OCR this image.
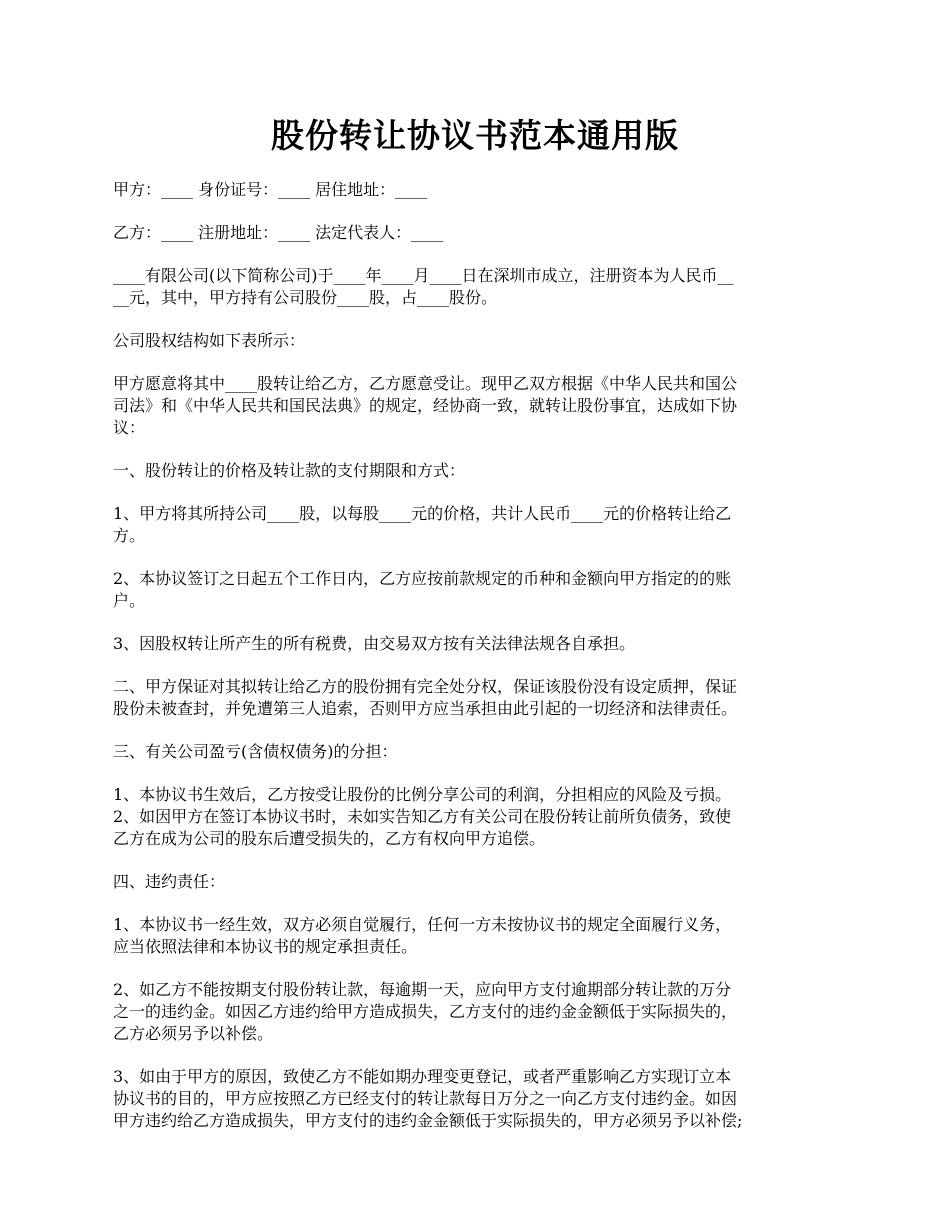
股份转让协议书范本通用版
甲方：____ 身份证号：____ 居住地址：____
乙方：____ 注册地址：____ 法定代表人：____
____有限公司(以下简称公司)于____年____月____日在深圳市成立，注册资本为人民币__
__元，其中，甲方持有公司股份____股，占____股份。
公司股权结构如下表所示：
甲方愿意将其中____股转让给乙方，乙方愿意受让。现甲乙双方根据《中华人民共和国公
司法》和《中华人民共和国民法典》的规定，经协商一致，就转让股份事宜，达成如下协
议：
一、股份转让的价格及转让款的支付期限和方式：
1、甲方将其所持公司____股，以每股____元的价格，共计人民币____元的价格转让给乙
方。
2、本协议签订之日起五个工作日内，乙方应按前款规定的币种和金额向甲方指定的的账
户。
3、因股权转让所产生的所有税费，由交易双方按有关法律法规各自承担。
二、甲方保证对其拟转让给乙方的股份拥有完全处分权，保证该股份没有设定质押，保证
股份未被查封，并免遭第三人追索，否则甲方应当承担由此引起的一切经济和法律责任。
三、有关公司盈亏(含债权债务)的分担：
1、本协议书生效后，乙方按受让股份的比例分享公司的利润，分担相应的风险及亏损。
2、如因甲方在签订本协议书时，未如实告知乙方有关公司在股份转让前所负债务，致使
乙方在成为公司的股东后遭受损失的，乙方有权向甲方追偿。
四、违约责任：
1、本协议书一经生效，双方必须自觉履行，任何一方未按协议书的规定全面履行义务，
应当依照法律和本协议书的规定承担责任。
2、如乙方不能按期支付股份转让款，每逾期一天，应向甲方支付逾期部分转让款的万分
之一的违约金。如因乙方违约给甲方造成损失，乙方支付的违约金金额低于实际损失的，
乙方必须另予以补偿。
3、如由于甲方的原因，致使乙方不能如期办理变更登记，或者严重影响乙方实现订立本
协议书的目的，甲方应按照乙方已经支付的转让款每日万分之一向乙方支付违约金。如因
甲方违约给乙方造成损失，甲方支付的违约金金额低于实际损失的，甲方必须另予以补偿;
